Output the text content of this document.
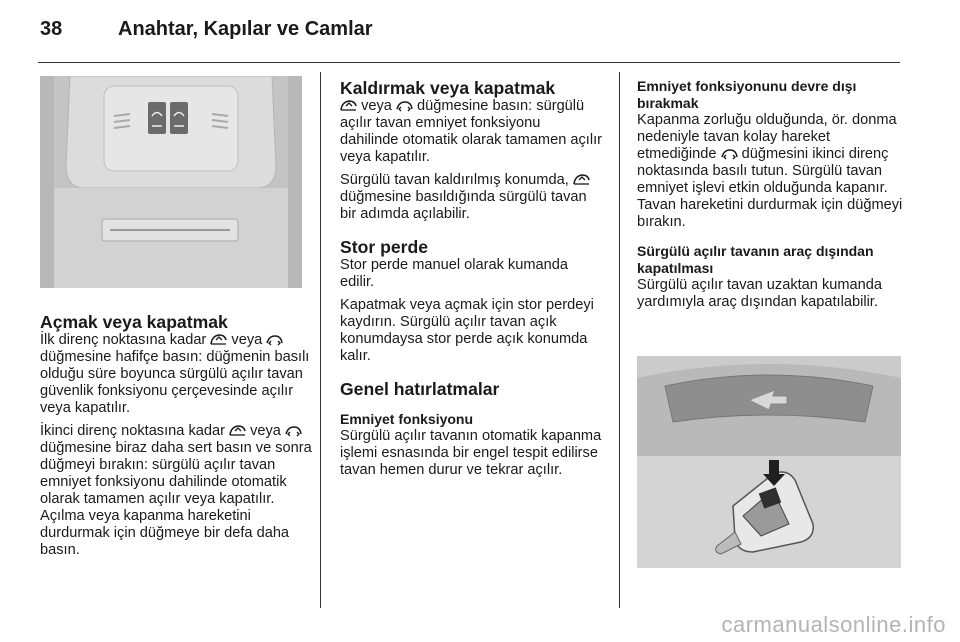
38	Anahtar, Kapılar ve Camlar
Açmak veya kapatmak

İlk direnç noktasına kadar veya
düğmesine hafifçe basın: düğmenin basılı olduğu süre boyunca sürgülü açılır tavan güvenlik fonksiyonu çerçevesinde açılır veya kapatılır.

İkinci direnç noktasına kadar veya
düğmesine biraz daha sert basın ve sonra düğmeyi bırakın: sürgülü açılır tavan emniyet fonksiyonu dahilinde otomatik olarak tamamen açılır veya kapatılır. Açılma veya kapanma hareketini durdurmak için düğmeye bir defa daha basın.

Kaldırmak veya kapatmak

veya düğmesine basın: sürgülü açılır tavan emniyet fonksiyonu dahilinde otomatik olarak tamamen açılır veya kapatılır.

Sürgülü tavan kaldırılmış konumda,
düğmesine basıldığında sürgülü tavan bir adımda açılabilir.

Stor perde

Stor perde manuel olarak kumanda edilir.

Kapatmak veya açmak için stor perdeyi kaydırın. Sürgülü açılır tavan açık konumdaysa stor perde açık konumda kalır.

Genel hatırlatmalar
Emniyet fonksiyonu

Sürgülü açılır tavanın otomatik kapanma işlemi esnasında bir engel tespit edilirse tavan hemen durur ve tekrar açılır.

Emniyet fonksiyonunu devre dışı bırakmak

Kapanma zorluğu olduğunda, ör. donma nedeniyle tavan kolay hareket etmediğinde düğmesini ikinci direnç noktasında basılı tutun. Sürgülü tavan emniyet işlevi etkin olduğunda kapanır. Tavan hareketini durdurmak için düğmeyi bırakın.

Sürgülü açılır tavanın araç dışından kapatılması

Sürgülü açılır tavan uzaktan kumanda yardımıyla araç dışından kapatılabilir.

carmanualsonline.info
